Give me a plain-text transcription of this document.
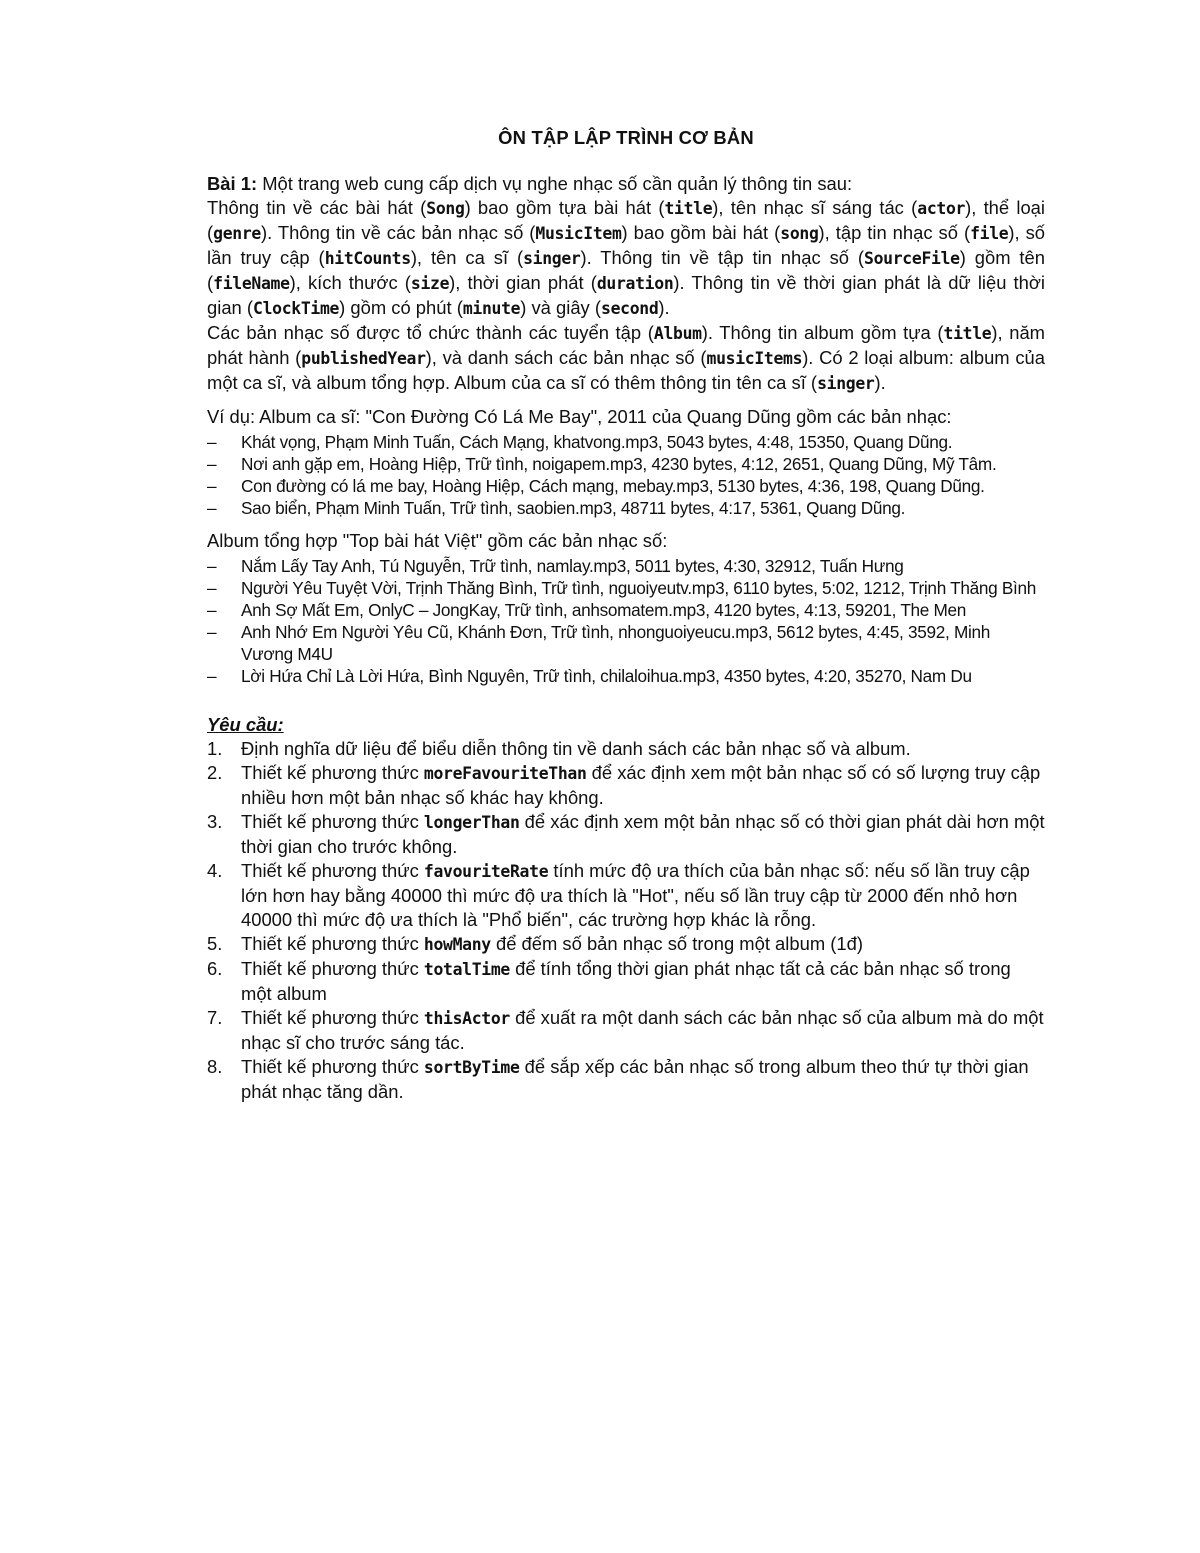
ÔN TẬP LẬP TRÌNH CƠ BẢN

Bài 1: Một trang web cung cấp dịch vụ nghe nhạc số cần quản lý thông tin sau:

Thông tin về các bài hát (Song) bao gồm tựa bài hát (title), tên nhạc sĩ sáng tác (actor), thể loại (genre). Thông tin về các bản nhạc số (MusicItem) bao gồm bài hát (song), tập tin nhạc số (file), số lần truy cập (hitCounts), tên ca sĩ (singer). Thông tin về tập tin nhạc số (SourceFile) gồm tên (fileName), kích thước (size), thời gian phát (duration). Thông tin về thời gian phát là dữ liệu thời gian (ClockTime) gồm có phút (minute) và giây (second).

Các bản nhạc số được tổ chức thành các tuyển tập (Album). Thông tin album gồm tựa (title), năm phát hành (publishedYear), và danh sách các bản nhạc số (musicItems). Có 2 loại album: album của một ca sĩ, và album tổng hợp. Album của ca sĩ có thêm thông tin tên ca sĩ (singer).

Ví dụ: Album ca sĩ: "Con Đường Có Lá Me Bay", 2011 của Quang Dũng gồm các bản nhạc:

– Khát vọng, Phạm Minh Tuấn, Cách Mạng, khatvong.mp3, 5043 bytes, 4:48, 15350, Quang Dũng.
– Nơi anh gặp em, Hoàng Hiệp, Trữ tình, noigapem.mp3, 4230 bytes, 4:12, 2651, Quang Dũng, Mỹ Tâm.
– Con đường có lá me bay, Hoàng Hiệp, Cách mạng, mebay.mp3, 5130 bytes, 4:36, 198, Quang Dũng.
– Sao biển, Phạm Minh Tuấn, Trữ tình, saobien.mp3, 48711 bytes, 4:17, 5361, Quang Dũng.

Album tổng hợp "Top bài hát Việt" gồm các bản nhạc số:

– Nắm Lấy Tay Anh, Tú Nguyễn, Trữ tình, namlay.mp3, 5011 bytes, 4:30, 32912, Tuấn Hưng
– Người Yêu Tuyệt Vời, Trịnh Thăng Bình, Trữ tình, nguoiyeutv.mp3, 6110 bytes, 5:02, 1212, Trịnh Thăng Bình
– Anh Sợ Mất Em, OnlyC – JongKay, Trữ tình, anhsomatem.mp3, 4120 bytes, 4:13, 59201, The Men
– Anh Nhớ Em Người Yêu Cũ, Khánh Đơn, Trữ tình, nhonguoiyeucu.mp3, 5612 bytes, 4:45, 3592, Minh Vương M4U
– Lời Hứa Chỉ Là Lời Hứa, Bình Nguyên, Trữ tình, chilaloihua.mp3, 4350 bytes, 4:20, 35270, Nam Du

Yêu cầu:

1. Định nghĩa dữ liệu để biểu diễn thông tin về danh sách các bản nhạc số và album.
2. Thiết kế phương thức moreFavouriteThan để xác định xem một bản nhạc số có số lượng truy cập nhiều hơn một bản nhạc số khác hay không.
3. Thiết kế phương thức longerThan để xác định xem một bản nhạc số có thời gian phát dài hơn một thời gian cho trước không.
4. Thiết kế phương thức favouriteRate tính mức độ ưa thích của bản nhạc số: nếu số lần truy cập lớn hơn hay bằng 40000 thì mức độ ưa thích là "Hot", nếu số lần truy cập từ 2000 đến nhỏ hơn 40000 thì mức độ ưa thích là "Phổ biến", các trường hợp khác là rỗng.
5. Thiết kế phương thức howMany để đếm số bản nhạc số trong một album (1đ)
6. Thiết kế phương thức totalTime để tính tổng thời gian phát nhạc tất cả các bản nhạc số trong một album
7. Thiết kế phương thức thisActor để xuất ra một danh sách các bản nhạc số của album mà do một nhạc sĩ cho trước sáng tác.
8. Thiết kế phương thức sortByTime để sắp xếp các bản nhạc số trong album theo thứ tự thời gian phát nhạc tăng dần.
